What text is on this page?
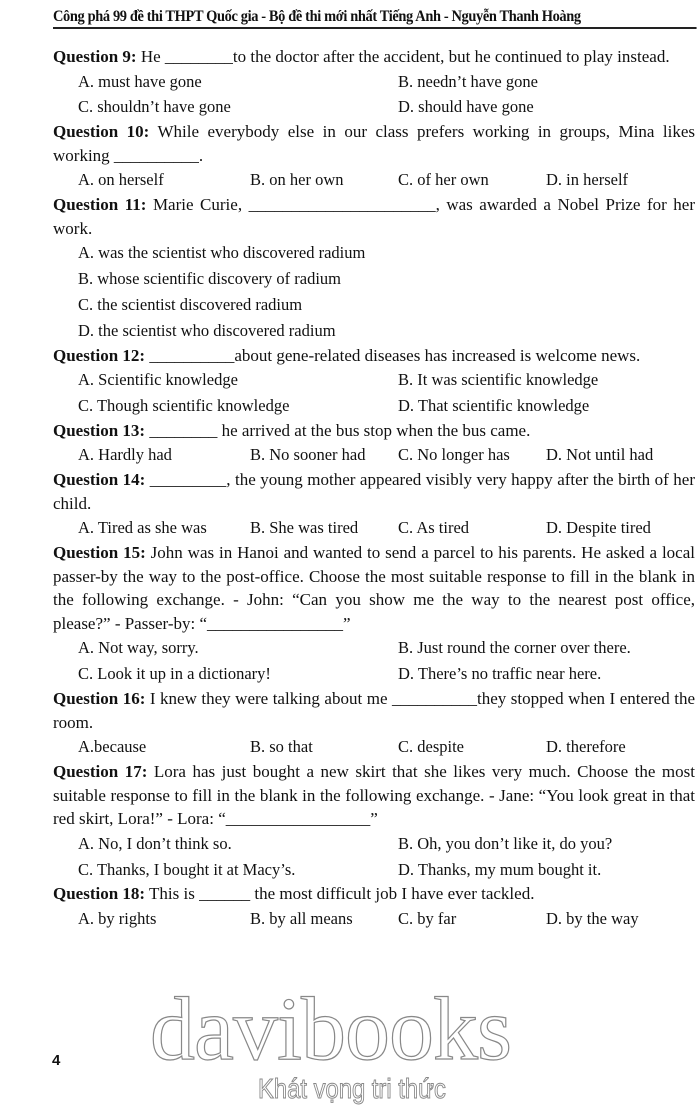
Công phá 99 đề thi THPT Quốc gia - Bộ đề thi mới nhất Tiếng Anh - Nguyễn Thanh Hoàng
Question 9: He ________to the doctor after the accident, but he continued to play instead.
A. must have gone	B. needn’t have gone
C. shouldn’t have gone	D. should have gone
Question 10: While everybody else in our class prefers working in groups, Mina likes working __________.
A. on herself	B. on her own	C. of her own	D. in herself
Question 11: Marie Curie, ______________________, was awarded a Nobel Prize for her work.
A. was the scientist who discovered radium
B. whose scientific discovery of radium
C. the scientist discovered radium
D. the scientist who discovered radium
Question 12: __________about gene-related diseases has increased is welcome news.
A. Scientific knowledge	B. It was scientific knowledge
C. Though scientific knowledge	D. That scientific knowledge
Question 13: ________ he arrived at the bus stop when the bus came.
A. Hardly had	B. No sooner had	C. No longer has	D. Not until had
Question 14: _________, the young mother appeared visibly very happy after the birth of her child.
A. Tired as she was	B. She was tired	C. As tired	D. Despite tired
Question 15: John was in Hanoi and wanted to send a parcel to his parents. He asked a local passer-by the way to the post-office. Choose the most suitable response to fill in the blank in the following exchange. - John: “Can you show me the way to the nearest post office, please?” - Passer-by: “________________”
A. Not way, sorry.	B. Just round the corner over there.
C. Look it up in a dictionary!	D. There’s no traffic near here.
Question 16: I knew they were talking about me __________they stopped when I entered the room.
A.because	B. so that	C. despite	D. therefore
Question 17: Lora has just bought a new skirt that she likes very much. Choose the most suitable response to fill in the blank in the following exchange. - Jane: “You look great in that red skirt, Lora!” - Lora: “_________________”
A. No, I don’t think so.	B. Oh, you don’t like it, do you?
C. Thanks, I bought it at Macy’s.	D. Thanks, my mum bought it.
Question 18: This is ______ the most difficult job I have ever tackled.
A. by rights	B. by all means	C. by far	D. by the way
davibooks
Khát vọng tri thức
4
